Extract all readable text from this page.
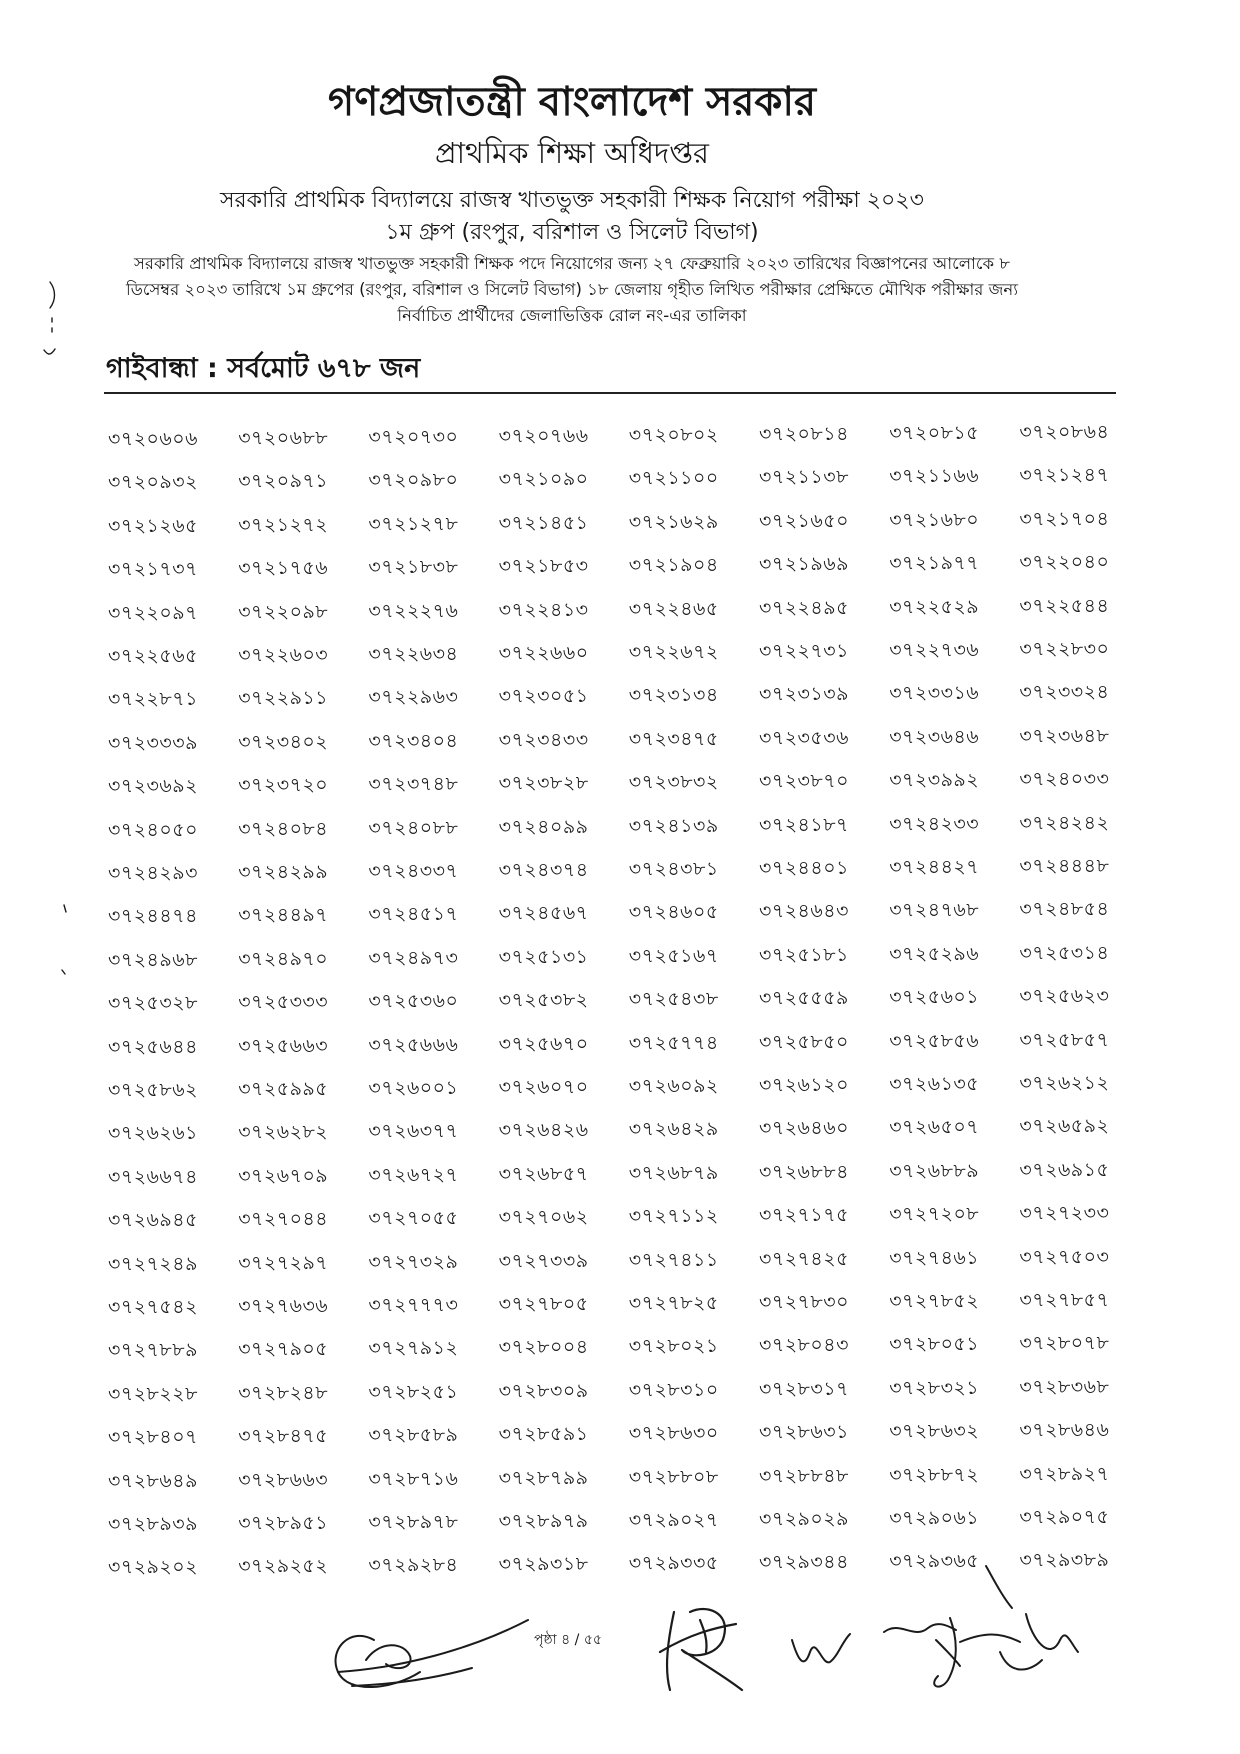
গণপ্রজাতন্ত্রী বাংলাদেশ সরকার
প্রাথমিক শিক্ষা অধিদপ্তর
সরকারি প্রাথমিক বিদ্যালয়ে রাজস্ব খাতভুক্ত সহকারী শিক্ষক নিয়োগ পরীক্ষা ২০২৩
১ম গ্রুপ (রংপুর, বরিশাল ও সিলেট বিভাগ)
সরকারি প্রাথমিক বিদ্যালয়ে রাজস্ব খাতভুক্ত সহকারী শিক্ষক পদে নিয়োগের জন্য ২৭ ফেব্রুয়ারি ২০২৩ তারিখের বিজ্ঞাপনের আলোকে ৮
ডিসেম্বর ২০২৩ তারিখে ১ম গ্রুপের (রংপুর, বরিশাল ও সিলেট বিভাগ) ১৮ জেলায় গৃহীত লিখিত পরীক্ষার প্রেক্ষিতে মৌখিক পরীক্ষার জন্য
নির্বাচিত প্রার্থীদের জেলাভিত্তিক রোল নং-এর তালিকা
গাইবান্ধা : সর্বমোট ৬৭৮ জন
৩৭২০৬০৬ ৩৭২০৬৮৮ ৩৭২০৭৩০ ৩৭২০৭৬৬ ৩৭২০৮০২ ৩৭২০৮১৪ ৩৭২০৮১৫ ৩৭২০৮৬৪
৩৭২০৯৩২ ৩৭২০৯৭১ ৩৭২০৯৮০ ৩৭২১০৯০ ৩৭২১১০০ ৩৭২১১৩৮ ৩৭২১১৬৬ ৩৭২১২৪৭
৩৭২১২৬৫ ৩৭২১২৭২ ৩৭২১২৭৮ ৩৭২১৪৫১ ৩৭২১৬২৯ ৩৭২১৬৫০ ৩৭২১৬৮০ ৩৭২১৭০৪
৩৭২১৭৩৭ ৩৭২১৭৫৬ ৩৭২১৮৩৮ ৩৭২১৮৫৩ ৩৭২১৯০৪ ৩৭২১৯৬৯ ৩৭২১৯৭৭ ৩৭২২০৪০
৩৭২২০৯৭ ৩৭২২০৯৮ ৩৭২২২৭৬ ৩৭২২৪১৩ ৩৭২২৪৬৫ ৩৭২২৪৯৫ ৩৭২২৫২৯ ৩৭২২৫৪৪
৩৭২২৫৬৫ ৩৭২২৬০৩ ৩৭২২৬৩৪ ৩৭২২৬৬০ ৩৭২২৬৭২ ৩৭২২৭৩১ ৩৭২২৭৩৬ ৩৭২২৮৩০
৩৭২২৮৭১ ৩৭২২৯১১ ৩৭২২৯৬৩ ৩৭২৩০৫১ ৩৭২৩১৩৪ ৩৭২৩১৩৯ ৩৭২৩৩১৬ ৩৭২৩৩২৪
৩৭২৩৩৩৯ ৩৭২৩৪০২ ৩৭২৩৪০৪ ৩৭২৩৪৩৩ ৩৭২৩৪৭৫ ৩৭২৩৫৩৬ ৩৭২৩৬৪৬ ৩৭২৩৬৪৮
৩৭২৩৬৯২ ৩৭২৩৭২০ ৩৭২৩৭৪৮ ৩৭২৩৮২৮ ৩৭২৩৮৩২ ৩৭২৩৮৭০ ৩৭২৩৯৯২ ৩৭২৪০৩৩
৩৭২৪০৫০ ৩৭২৪০৮৪ ৩৭২৪০৮৮ ৩৭২৪০৯৯ ৩৭২৪১৩৯ ৩৭২৪১৮৭ ৩৭২৪২৩৩ ৩৭২৪২৪২
৩৭২৪২৯৩ ৩৭২৪২৯৯ ৩৭২৪৩৩৭ ৩৭২৪৩৭৪ ৩৭২৪৩৮১ ৩৭২৪৪০১ ৩৭২৪৪২৭ ৩৭২৪৪৪৮
৩৭২৪৪৭৪ ৩৭২৪৪৯৭ ৩৭২৪৫১৭ ৩৭২৪৫৬৭ ৩৭২৪৬০৫ ৩৭২৪৬৪৩ ৩৭২৪৭৬৮ ৩৭২৪৮৫৪
৩৭২৪৯৬৮ ৩৭২৪৯৭০ ৩৭২৪৯৭৩ ৩৭২৫১৩১ ৩৭২৫১৬৭ ৩৭২৫১৮১ ৩৭২৫২৯৬ ৩৭২৫৩১৪
৩৭২৫৩২৮ ৩৭২৫৩৩৩ ৩৭২৫৩৬০ ৩৭২৫৩৮২ ৩৭২৫৪৩৮ ৩৭২৫৫৫৯ ৩৭২৫৬০১ ৩৭২৫৬২৩
৩৭২৫৬৪৪ ৩৭২৫৬৬৩ ৩৭২৫৬৬৬ ৩৭২৫৬৭০ ৩৭২৫৭৭৪ ৩৭২৫৮৫০ ৩৭২৫৮৫৬ ৩৭২৫৮৫৭
৩৭২৫৮৬২ ৩৭২৫৯৯৫ ৩৭২৬০০১ ৩৭২৬০৭০ ৩৭২৬০৯২ ৩৭২৬১২০ ৩৭২৬১৩৫ ৩৭২৬২১২
৩৭২৬২৬১ ৩৭২৬২৮২ ৩৭২৬৩৭৭ ৩৭২৬৪২৬ ৩৭২৬৪২৯ ৩৭২৬৪৬০ ৩৭২৬৫০৭ ৩৭২৬৫৯২
৩৭২৬৬৭৪ ৩৭২৬৭০৯ ৩৭২৬৭২৭ ৩৭২৬৮৫৭ ৩৭২৬৮৭৯ ৩৭২৬৮৮৪ ৩৭২৬৮৮৯ ৩৭২৬৯১৫
৩৭২৬৯৪৫ ৩৭২৭০৪৪ ৩৭২৭০৫৫ ৩৭২৭০৬২ ৩৭২৭১১২ ৩৭২৭১৭৫ ৩৭২৭২০৮ ৩৭২৭২৩৩
৩৭২৭২৪৯ ৩৭২৭২৯৭ ৩৭২৭৩২৯ ৩৭২৭৩৩৯ ৩৭২৭৪১১ ৩৭২৭৪২৫ ৩৭২৭৪৬১ ৩৭২৭৫০৩
৩৭২৭৫৪২ ৩৭২৭৬৩৬ ৩৭২৭৭৭৩ ৩৭২৭৮০৫ ৩৭২৭৮২৫ ৩৭২৭৮৩০ ৩৭২৭৮৫২ ৩৭২৭৮৫৭
৩৭২৭৮৮৯ ৩৭২৭৯০৫ ৩৭২৭৯১২ ৩৭২৮০০৪ ৩৭২৮০২১ ৩৭২৮০৪৩ ৩৭২৮০৫১ ৩৭২৮০৭৮
৩৭২৮২২৮ ৩৭২৮২৪৮ ৩৭২৮২৫১ ৩৭২৮৩০৯ ৩৭২৮৩১০ ৩৭২৮৩১৭ ৩৭২৮৩২১ ৩৭২৮৩৬৮
৩৭২৮৪০৭ ৩৭২৮৪৭৫ ৩৭২৮৫৮৯ ৩৭২৮৫৯১ ৩৭২৮৬৩০ ৩৭২৮৬৩১ ৩৭২৮৬৩২ ৩৭২৮৬৪৬
৩৭২৮৬৪৯ ৩৭২৮৬৬৩ ৩৭২৮৭১৬ ৩৭২৮৭৯৯ ৩৭২৮৮০৮ ৩৭২৮৮৪৮ ৩৭২৮৮৭২ ৩৭২৮৯২৭
৩৭২৮৯৩৯ ৩৭২৮৯৫১ ৩৭২৮৯৭৮ ৩৭২৮৯৭৯ ৩৭২৯০২৭ ৩৭২৯০২৯ ৩৭২৯০৬১ ৩৭২৯০৭৫
৩৭২৯২০২ ৩৭২৯২৫২ ৩৭২৯২৮৪ ৩৭২৯৩১৮ ৩৭২৯৩৩৫ ৩৭২৯৩৪৪ ৩৭২৯৩৬৫ ৩৭২৯৩৮৯
পৃষ্ঠা ৪ / ৫৫
